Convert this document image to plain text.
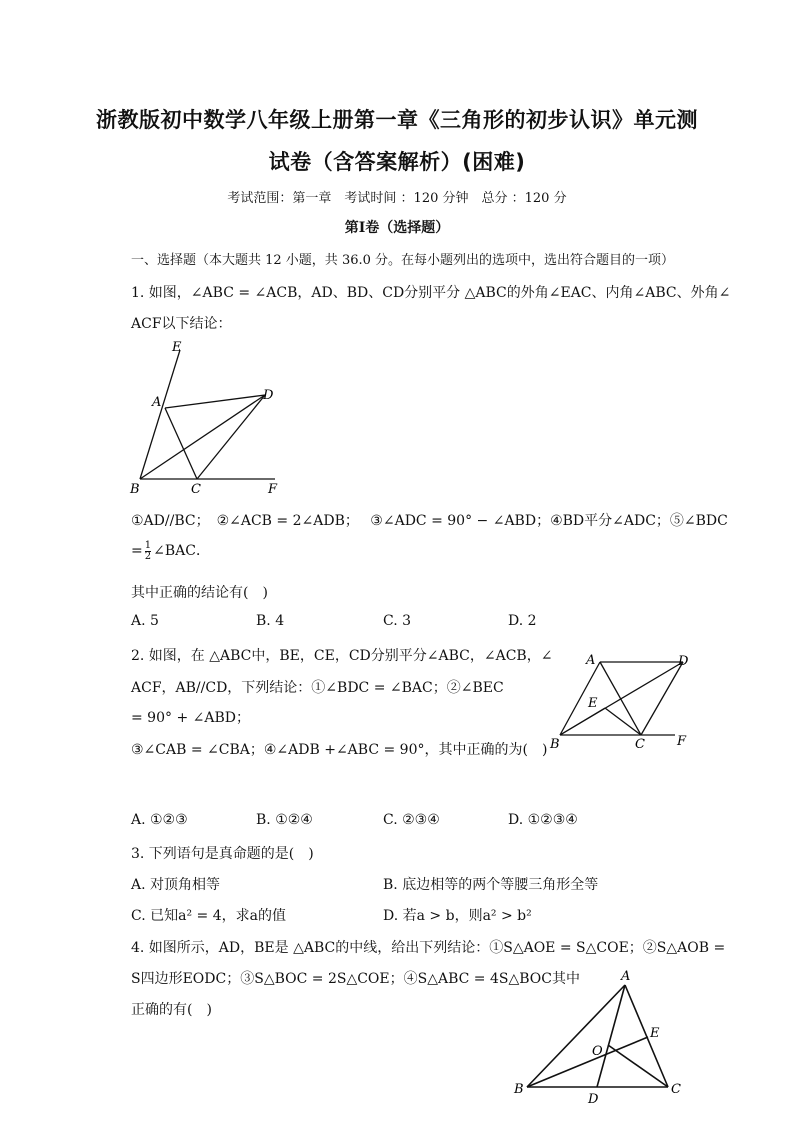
浙教版初中数学八年级上册第一章《三角形的初步认识》单元测
试卷（含答案解析）(困难)
考试范围：第一章　考试时间 ：120 分钟　总分 ：120 分
第Ⅰ卷（选择题）
一、选择题（本大题共 12 小题，共 36.0 分。在每小题列出的选项中，选出符合题目的一项）
1. 如图，∠ABC = ∠ACB，AD、BD、CD分别平分 △ABC的外角∠EAC、内角∠ABC、外角∠
ACF以下结论：
E
A	D
B	C	F
①AD//BC；　②∠ACB = 2∠ADB；　 ③∠ADC = 90° − ∠ABD；④BD平分∠ADC；⑤∠BDC
= $\frac{1}{2}$ ∠BAC．
其中正确的结论有(　)
A. 5	B. 4	C. 3	D. 2
2. 如图，在 △ABC中，BE，CE，CD分别平分∠ABC，∠ACB，∠
ACF，AB//CD，下列结论：①∠BDC = ∠BAC；②∠BEC
= 90° + ∠ABD；
③∠CAB = ∠CBA；④∠ADB +∠ABC = 90°，其中正确的为(　)
A	D
E
B	C F
A. ①②③	B. ①②④	C. ②③④	D. ①②③④
3. 下列语句是真命题的是(　)
A. 对顶角相等	B. 底边相等的两个等腰三角形全等
C. 已知a² = 4，求a的值	D. 若a > b，则a² > b²
4. 如图所示，AD，BE是 △ABC的中线，给出下列结论：①S△AOE = S△COE；②S△AOB =
S四边形EODC；③S△BOC = 2S△COE；④S△ABC = 4S△BOC其中
正确的有(　)
A
E
O
B	C
D
